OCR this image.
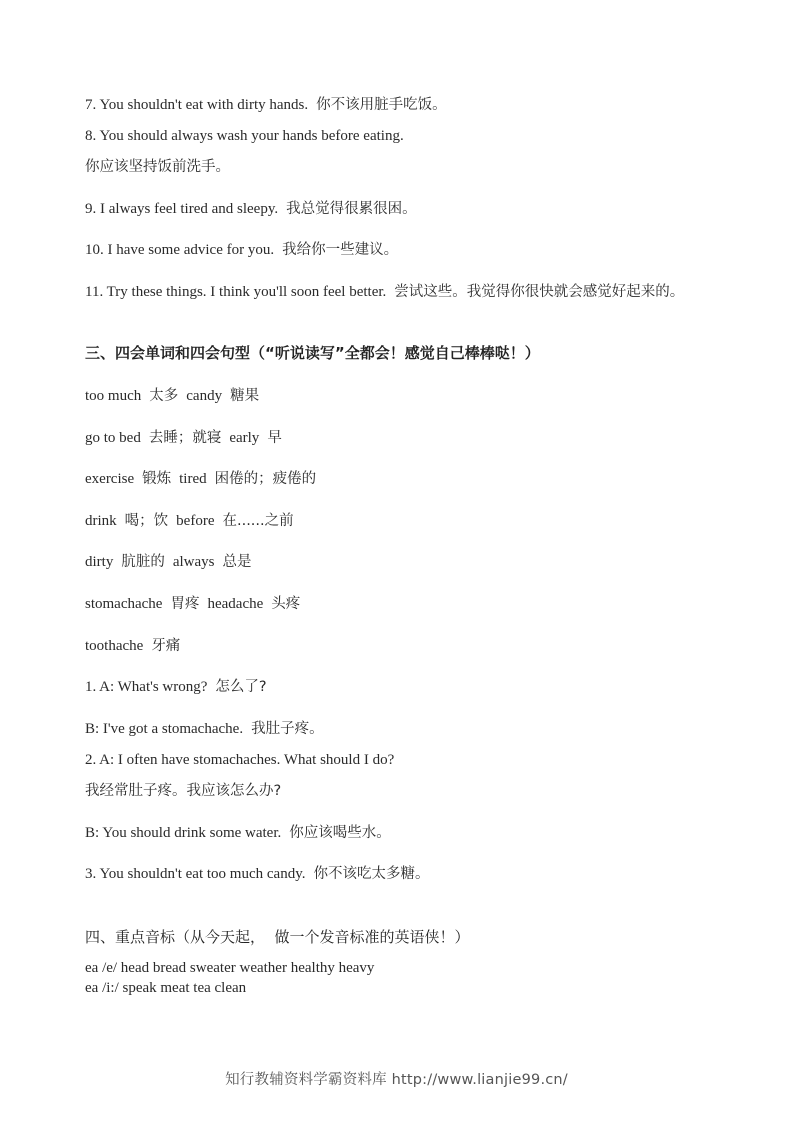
7. You shouldn't eat with dirty hands. 你不该用脏手吃饭。
8. You should always wash your hands before eating.
你应该坚持饭前洗手。
9. I always feel tired and sleepy. 我总觉得很累很困。
10. I have some advice for you. 我给你一些建议。
11. Try these things. I think you'll soon feel better. 尝试这些。我觉得你很快就会感觉好起来的。
三、四会单词和四会句型（“听说读写”全都会！感觉自己棒棒哒！）
too much 太多 candy 糖果
go to bed 去睡；就寝 early 早
exercise 锻炼 tired 困倦的；疲倦的
drink 喝；饮 before 在......之前
dirty 肮脏的 always 总是
stomachache 胃疼 headache 头疼
toothache 牙痛
1. A: What's wrong? 怎么了?
B: I've got a stomachache. 我肚子疼。
2. A: I often have stomachaches. What should I do?
我经常肚子疼。我应该怎么办?
B: You should drink some water. 你应该喝些水。
3. You shouldn't eat too much candy. 你不该吃太多糖。
四、重点音标（从今天起，  做一个发音标准的英语侠！）
ea /e/ head bread sweater weather healthy heavy
ea /i:/ speak meat tea clean
知行教辅资料学霸资料库 http://www.lianjie99.cn/
